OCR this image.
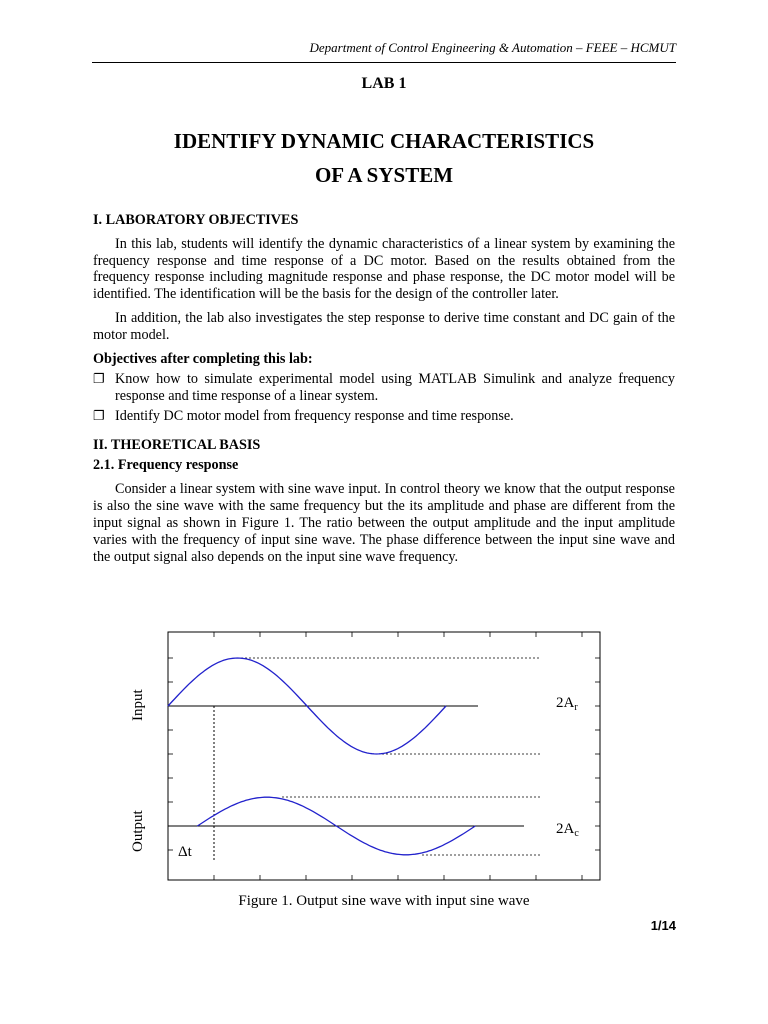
Department of Control Engineering & Automation – FEEE – HCMUT
LAB 1
IDENTIFY DYNAMIC CHARACTERISTICS
OF A SYSTEM
I. LABORATORY OBJECTIVES

In this lab, students will identify the dynamic characteristics of a linear system by examining the frequency response and time response of a DC motor. Based on the results obtained from the frequency response including magnitude response and phase response, the DC motor model will be identified. The identification will be the basis for the design of the controller later.

In addition, the lab also investigates the step response to derive time constant and DC gain of the motor model.

Objectives after completing this lab:
❐ Know how to simulate experimental model using MATLAB Simulink and analyze frequency response and time response of a linear system.
❐ Identify DC motor model from frequency response and time response.
II. THEORETICAL BASIS
2.1. Frequency response

Consider a linear system with sine wave input. In control theory we know that the output response is also the sine wave with the same frequency but the its amplitude and phase are different from the input signal as shown in Figure 1. The ratio between the output amplitude and the input amplitude varies with the frequency of input sine wave. The phase difference between the input sine wave and the output signal also depends on the input sine wave frequency.

Input
Output
$2A_r$
$2A_c$
Δt
Figure 1. Output sine wave with input sine wave
1/14
